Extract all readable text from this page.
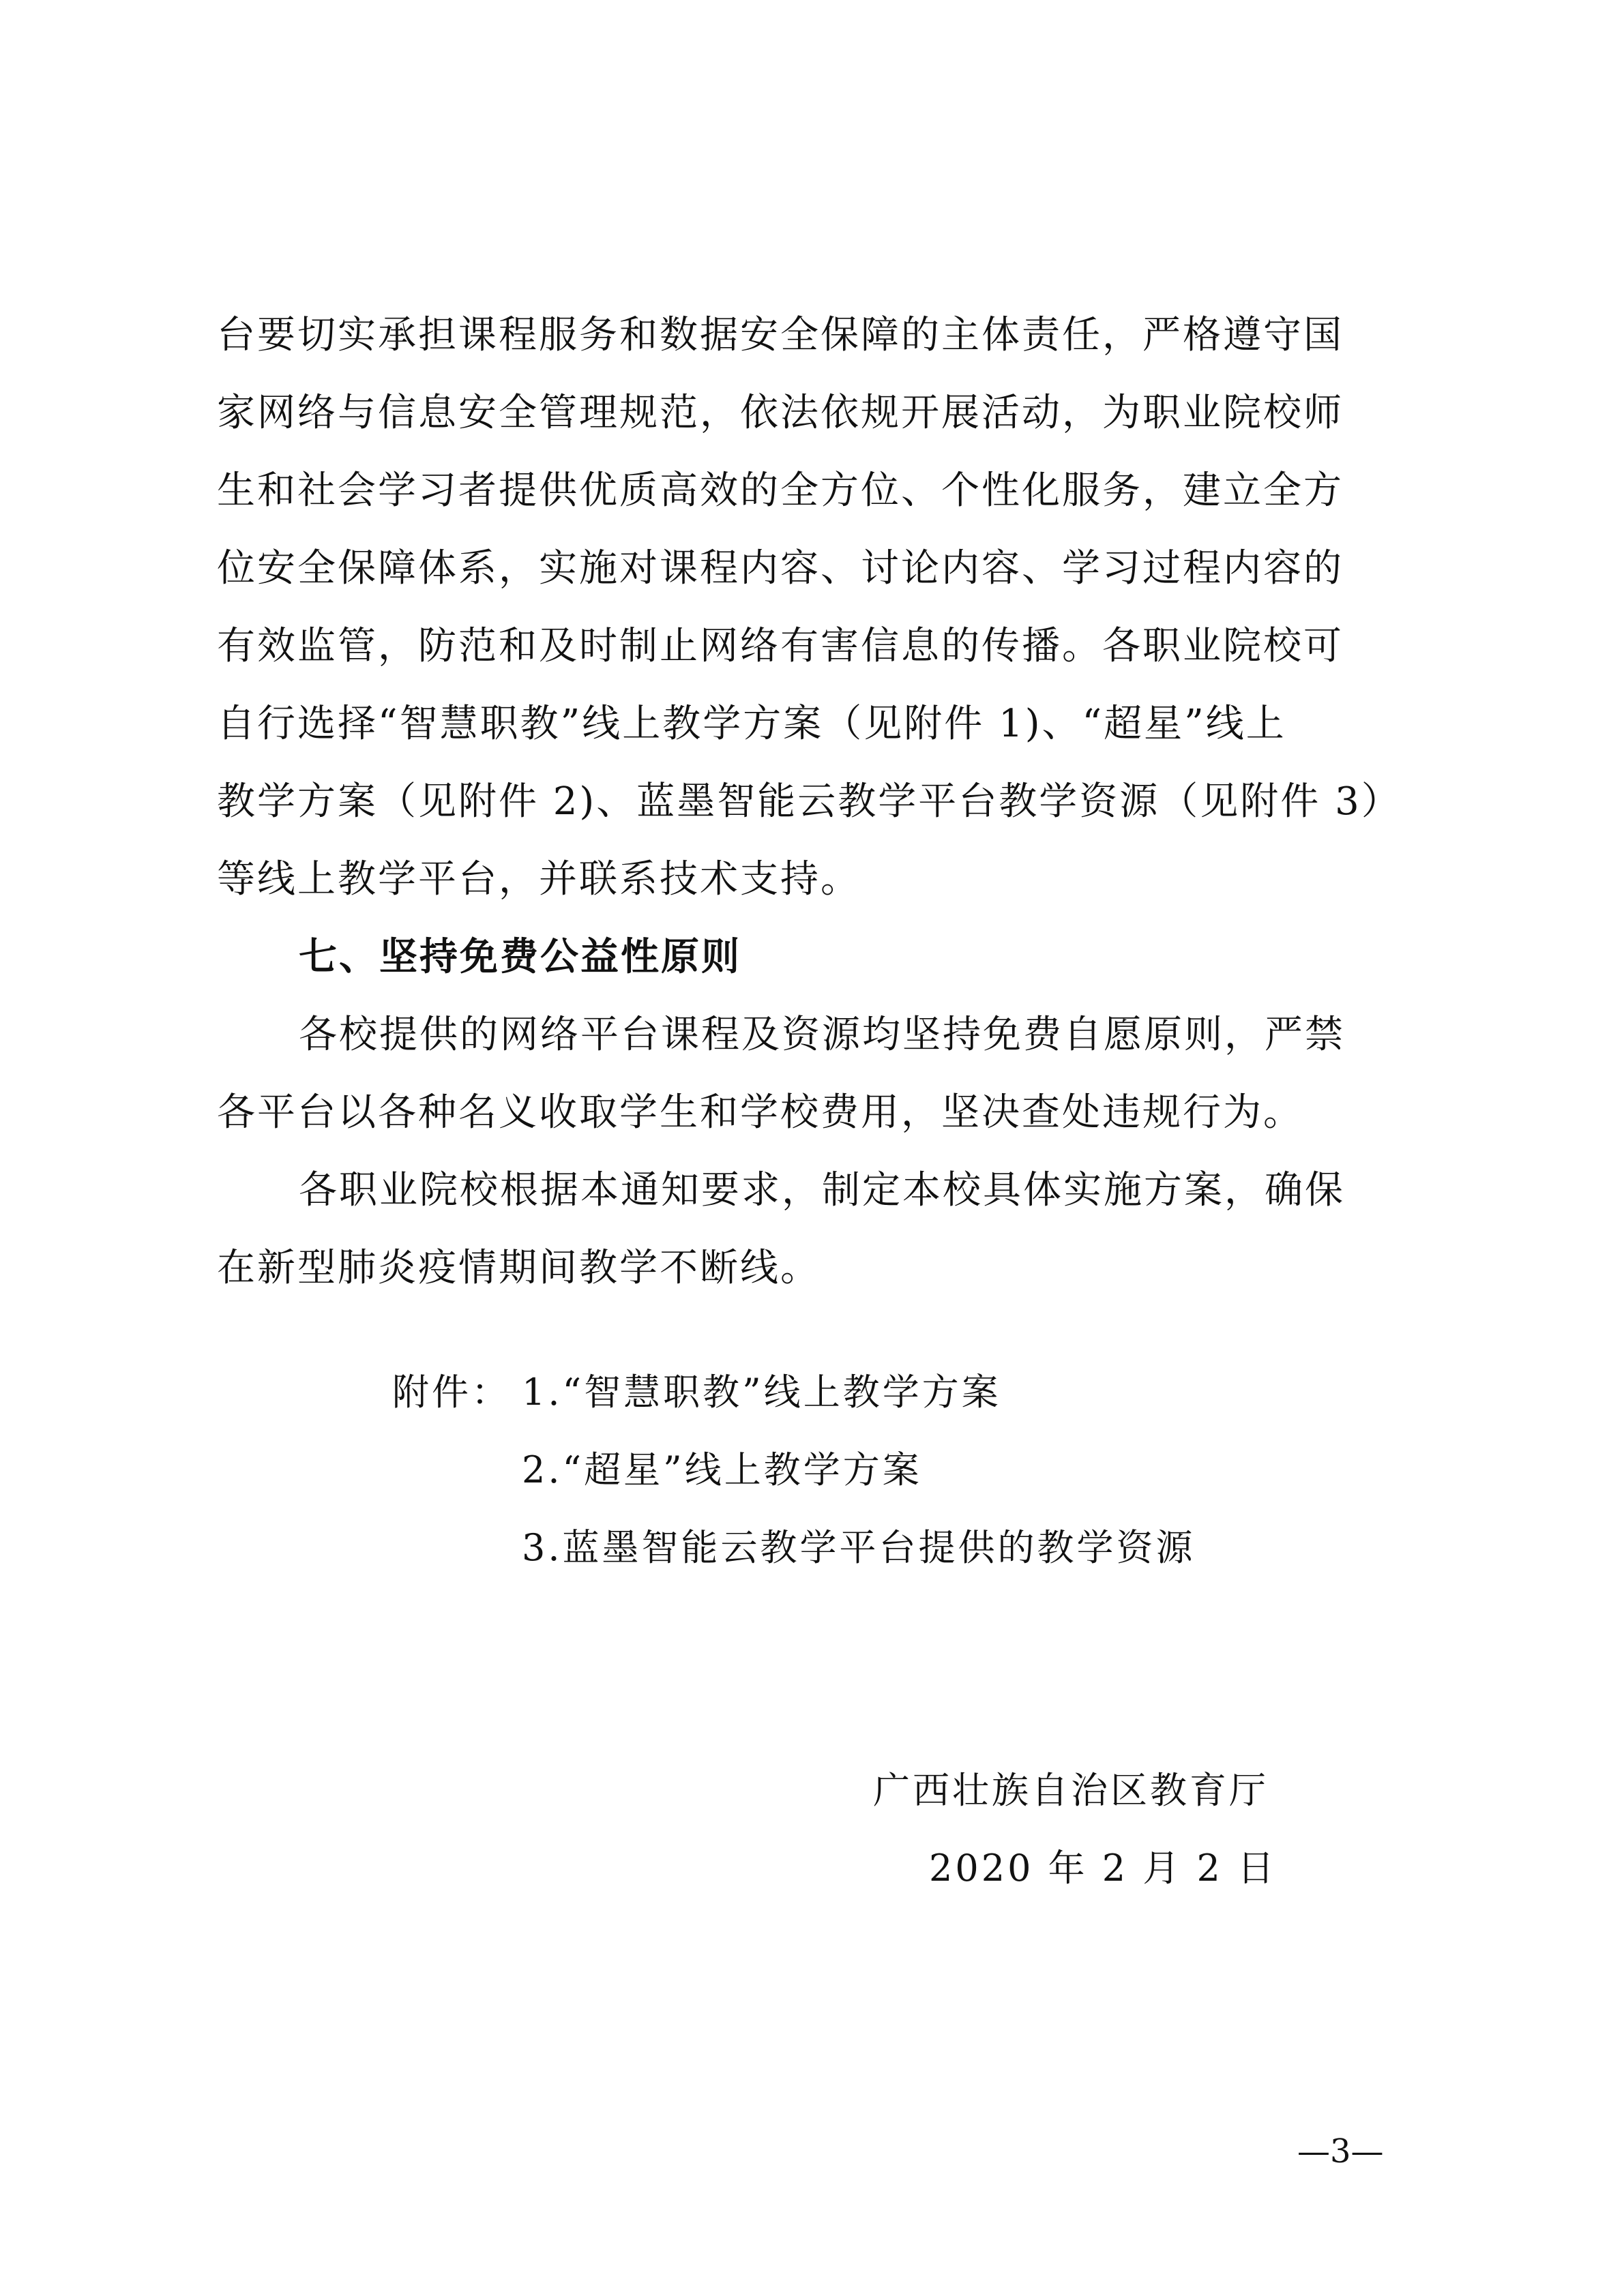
台要切实承担课程服务和数据安全保障的主体责任，严格遵守国
家网络与信息安全管理规范，依法依规开展活动，为职业院校师
生和社会学习者提供优质高效的全方位、个性化服务，建立全方
位安全保障体系，实施对课程内容、讨论内容、学习过程内容的
有效监管，防范和及时制止网络有害信息的传播。各职业院校可
自行选择“智慧职教”线上教学方案（见附件 1)、“超星”线上
教学方案（见附件 2)、蓝墨智能云教学平台教学资源（见附件 3）
等线上教学平台，并联系技术支持。
七、坚持免费公益性原则
各校提供的网络平台课程及资源均坚持免费自愿原则，严禁
各平台以各种名义收取学生和学校费用，坚决查处违规行为。
各职业院校根据本通知要求，制定本校具体实施方案，确保
在新型肺炎疫情期间教学不断线。
附件： 1.“智慧职教”线上教学方案
2.“超星”线上教学方案
3.蓝墨智能云教学平台提供的教学资源
广西壮族自治区教育厅
2020 年 2 月 2 日
—3—
